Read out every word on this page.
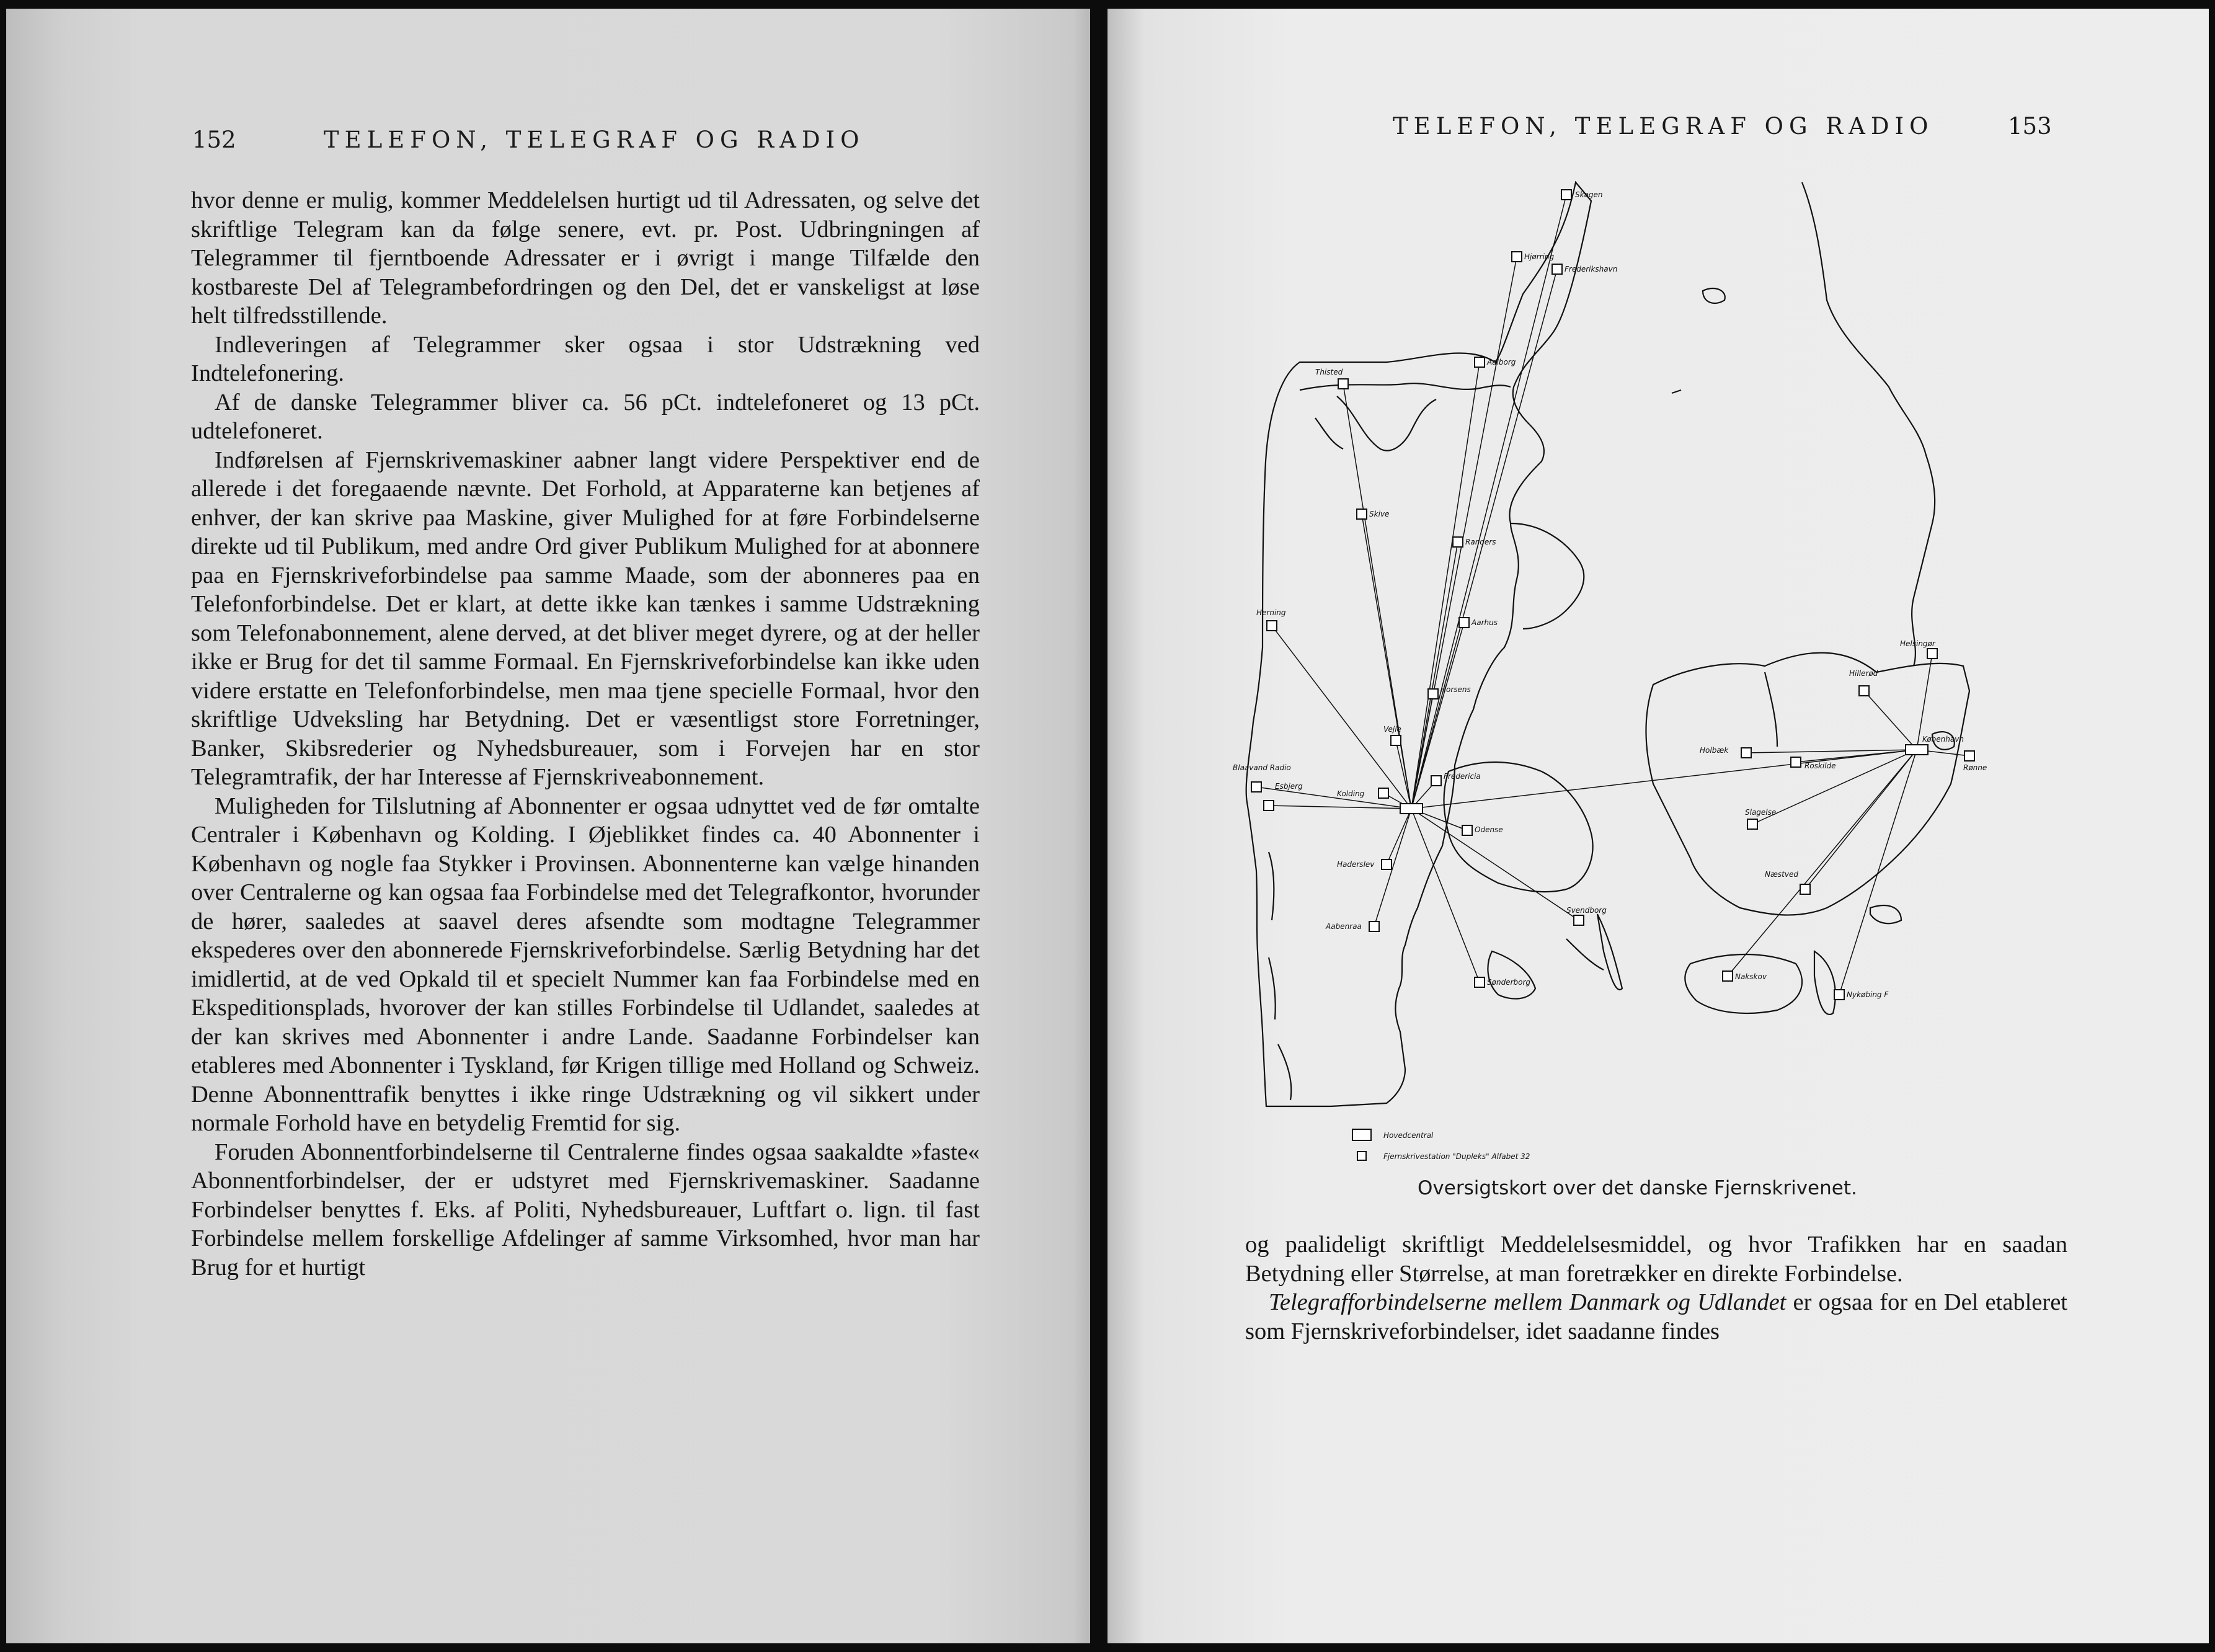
152	TELEFON, TELEGRAF OG RADIO

hvor denne er mulig, kommer Meddelelsen hurtigt ud til Adressaten, og selve det skriftlige Telegram kan da følge senere, evt. pr. Post. Udbringningen af Telegrammer til fjerntboende Adressater er i øvrigt i mange Tilfælde den kostbareste Del af Telegrambefordringen og den Del, det er vanskeligst at løse helt tilfredsstillende.

Indleveringen af Telegrammer sker ogsaa i stor Udstrækning ved Indtelefonering.

Af de danske Telegrammer bliver ca. 56 pCt. indtelefoneret og 13 pCt. udtelefoneret.

Indførelsen af Fjernskrivemaskiner aabner langt videre Perspektiver end de allerede i det foregaaende nævnte. Det Forhold, at Apparaterne kan betjenes af enhver, der kan skrive paa Maskine, giver Mulighed for at føre Forbindelserne direkte ud til Publikum, med andre Ord giver Publikum Mulighed for at abonnere paa en Fjernskriveforbindelse paa samme Maade, som der abonneres paa en Telefonforbindelse. Det er klart, at dette ikke kan tænkes i samme Udstrækning som Telefonabonnement, alene derved, at det bliver meget dyrere, og at der heller ikke er Brug for det til samme Formaal. En Fjernskriveforbindelse kan ikke uden videre erstatte en Telefonforbindelse, men maa tjene specielle Formaal, hvor den skriftlige Udveksling har Betydning. Det er væsentligst store Forretninger, Banker, Skibsrederier og Nyhedsbureauer, som i Forvejen har en stor Telegramtrafik, der har Interesse af Fjernskriveabonnement.

Muligheden for Tilslutning af Abonnenter er ogsaa udnyttet ved de før omtalte Centraler i København og Kolding. I Øjeblikket findes ca. 40 Abonnenter i København og nogle faa Stykker i Provinsen. Abonnenterne kan vælge hinanden over Centralerne og kan ogsaa faa Forbindelse med det Telegrafkontor, hvorunder de hører, saaledes at saavel deres afsendte som modtagne Telegrammer ekspederes over den abonnerede Fjernskriveforbindelse. Særlig Betydning har det imidlertid, at de ved Opkald til et specielt Nummer kan faa Forbindelse med en Ekspeditionsplads, hvorover der kan stilles Forbindelse til Udlandet, saaledes at der kan skrives med Abonnenter i andre Lande. Saadanne Forbindelser kan etableres med Abonnenter i Tyskland, før Krigen tillige med Holland og Schweiz. Denne Abonnenttrafik benyttes i ikke ringe Udstrækning og vil sikkert under normale Forhold have en betydelig Fremtid for sig.

Foruden Abonnentforbindelserne til Centralerne findes ogsaa saakaldte »faste« Abonnentforbindelser, der er udstyret med Fjernskrivemaskiner. Saadanne Forbindelser benyttes f. Eks. af Politi, Nyhedsbureauer, Luftfart o. lign. til fast Forbindelse mellem forskellige Afdelinger af samme Virksomhed, hvor man har Brug for et hurtigt

TELEFON, TELEGRAF OG RADIO	153
Skagen
Hjørring
Frederikshavn
Aalborg
Thisted
Skive
Randers
Herning
Aarhus
Horsens
Vejle
Blaavand Radio
Esbjerg
Kolding
Fredericia
Odense
Haderslev
Aabenraa
Svendborg
Sønderborg
Helsingør
Hillerød
København
Holbæk
Roskilde	Rønne
Slagelse
Næstved
Nakskov
Nykøbing F
Hovedcentral
Fjernskrivestation "Dupleks" Alfabet 32
Oversigtskort over det danske Fjernskrivenet.

og paalideligt skriftligt Meddelelsesmiddel, og hvor Trafikken har en saadan Betydning eller Størrelse, at man foretrækker en direkte Forbindelse.

Telegrafforbindelserne mellem Danmark og Udlandet er ogsaa for en Del etableret som Fjernskriveforbindelser, idet saadanne findes
